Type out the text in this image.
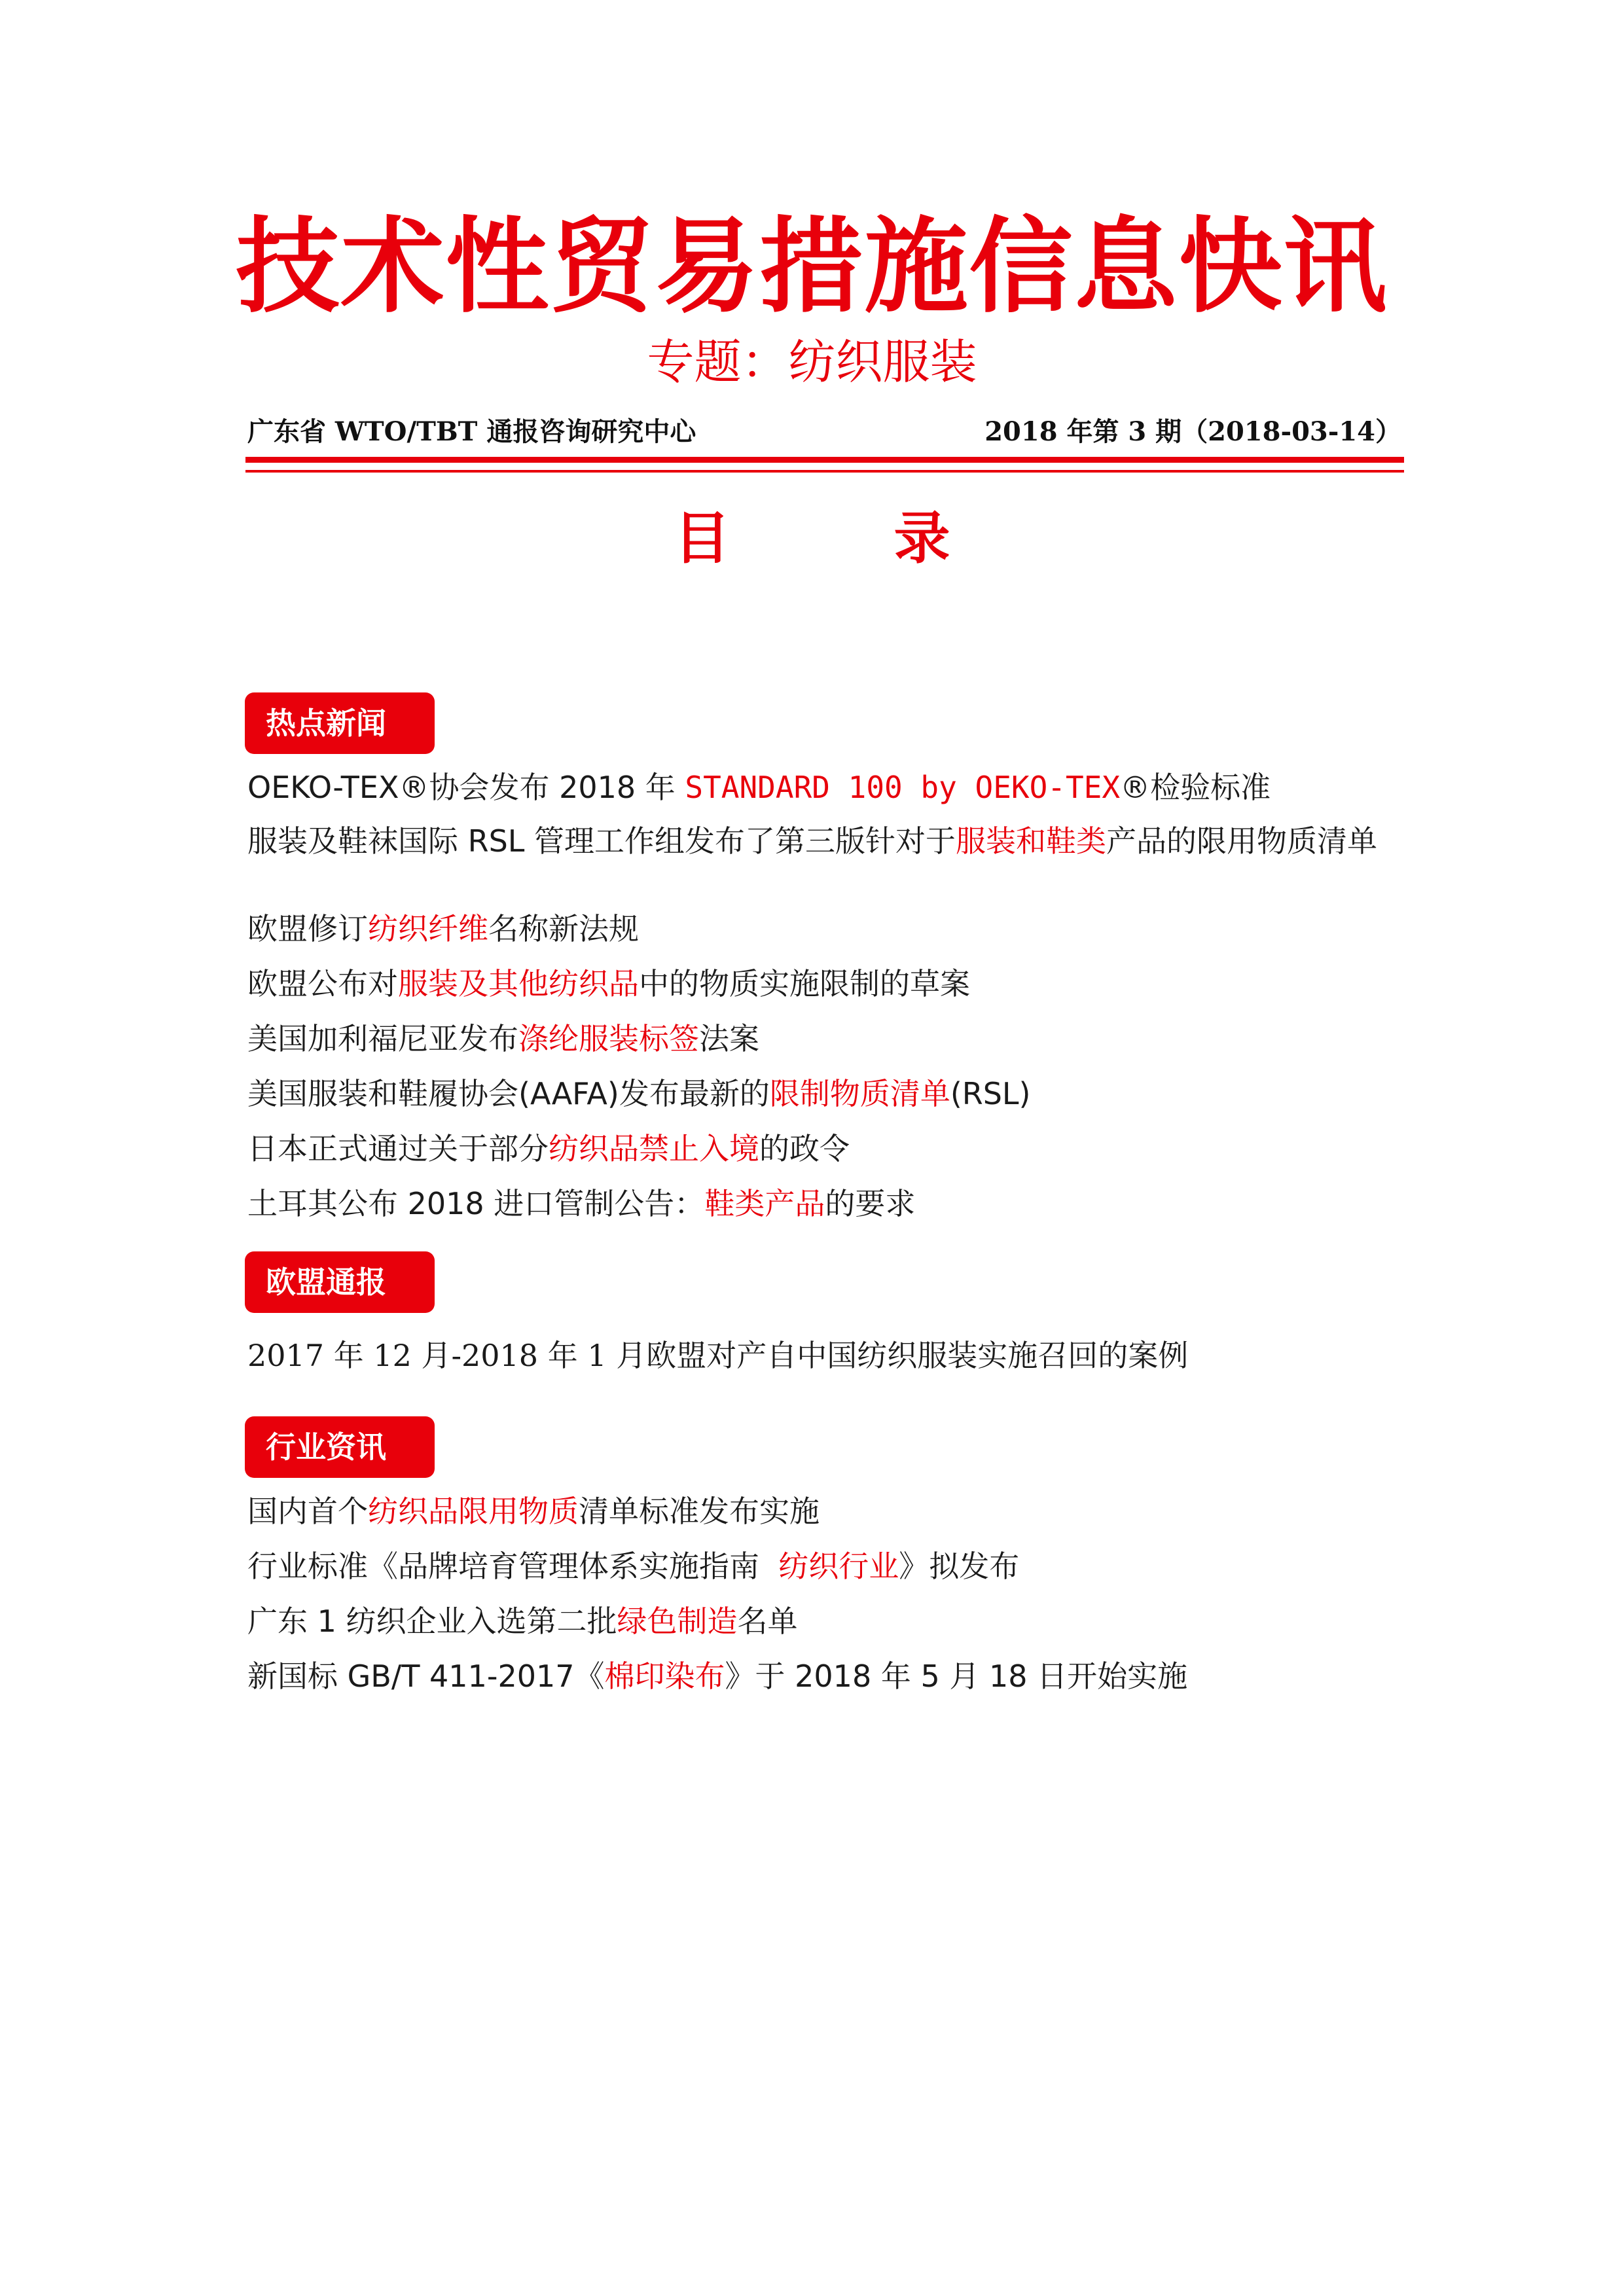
技术性贸易措施信息快讯
专题：纺织服装
广东省 WTO/TBT 通报咨询研究中心	2018 年第 3 期（2018-03-14）
目 录
热点新闻
OEKO-TEX®协会发布 2018 年 STANDARD 100 by OEKO-TEX®检验标准
服装及鞋袜国际 RSL 管理工作组发布了第三版针对于服装和鞋类产品的限用物质清单
欧盟修订纺织纤维名称新法规
欧盟公布对服装及其他纺织品中的物质实施限制的草案
美国加利福尼亚发布涤纶服装标签法案
美国服装和鞋履协会(AAFA)发布最新的限制物质清单(RSL)
日本正式通过关于部分纺织品禁止入境的政令
土耳其公布 2018 进口管制公告：鞋类产品的要求
欧盟通报
2017 年 12 月-2018 年 1 月欧盟对产自中国纺织服装实施召回的案例
行业资讯
国内首个纺织品限用物质清单标准发布实施
行业标准《品牌培育管理体系实施指南  纺织行业》拟发布
广东 1 纺织企业入选第二批绿色制造名单
新国标 GB/T 411-2017《棉印染布》于 2018 年 5 月 18 日开始实施
